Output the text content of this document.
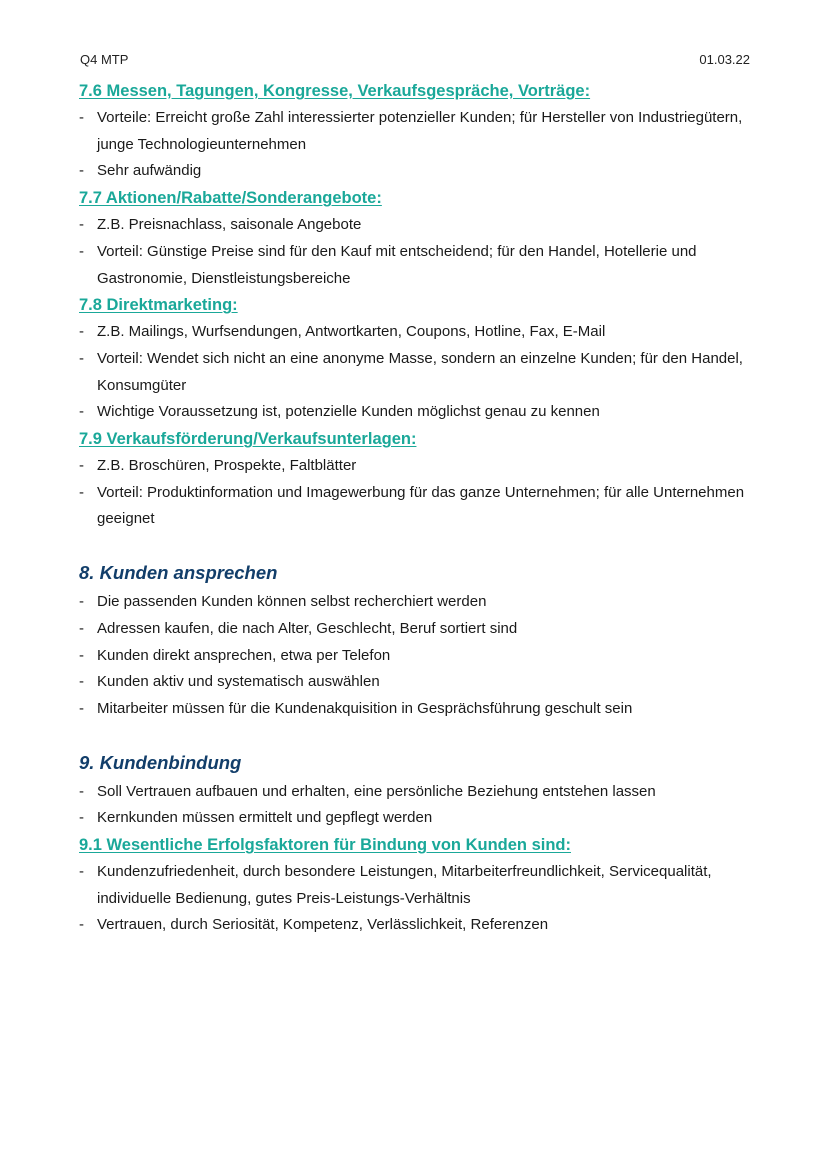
Q4 MTP	01.03.22
7.6 Messen, Tagungen, Kongresse, Verkaufsgespräche, Vorträge:
- Vorteile: Erreicht große Zahl interessierter potenzieller Kunden; für Hersteller von Industriegütern, junge Technologieunternehmen
- Sehr aufwändig
7.7 Aktionen/Rabatte/Sonderangebote:
- Z.B. Preisnachlass, saisonale Angebote
- Vorteil: Günstige Preise sind für den Kauf mit entscheidend; für den Handel, Hotellerie und Gastronomie, Dienstleistungsbereiche
7.8 Direktmarketing:
- Z.B. Mailings, Wurfsendungen, Antwortkarten, Coupons, Hotline, Fax, E-Mail
- Vorteil: Wendet sich nicht an eine anonyme Masse, sondern an einzelne Kunden; für den Handel, Konsumgüter
- Wichtige Voraussetzung ist, potenzielle Kunden möglichst genau zu kennen
7.9 Verkaufsförderung/Verkaufsunterlagen:
- Z.B. Broschüren, Prospekte, Faltblätter
- Vorteil: Produktinformation und Imagewerbung für das ganze Unternehmen; für alle Unternehmen geeignet
8. Kunden ansprechen
- Die passenden Kunden können selbst recherchiert werden
- Adressen kaufen, die nach Alter, Geschlecht, Beruf sortiert sind
- Kunden direkt ansprechen, etwa per Telefon
- Kunden aktiv und systematisch auswählen
- Mitarbeiter müssen für die Kundenakquisition in Gesprächsführung geschult sein
9. Kundenbindung
- Soll Vertrauen aufbauen und erhalten, eine persönliche Beziehung entstehen lassen
- Kernkunden müssen ermittelt und gepflegt werden
9.1 Wesentliche Erfolgsfaktoren für Bindung von Kunden sind:
- Kundenzufriedenheit, durch besondere Leistungen, Mitarbeiterfreundlichkeit, Servicequalität, individuelle Bedienung, gutes Preis-Leistungs-Verhältnis
- Vertrauen, durch Seriosität, Kompetenz, Verlässlichkeit, Referenzen
